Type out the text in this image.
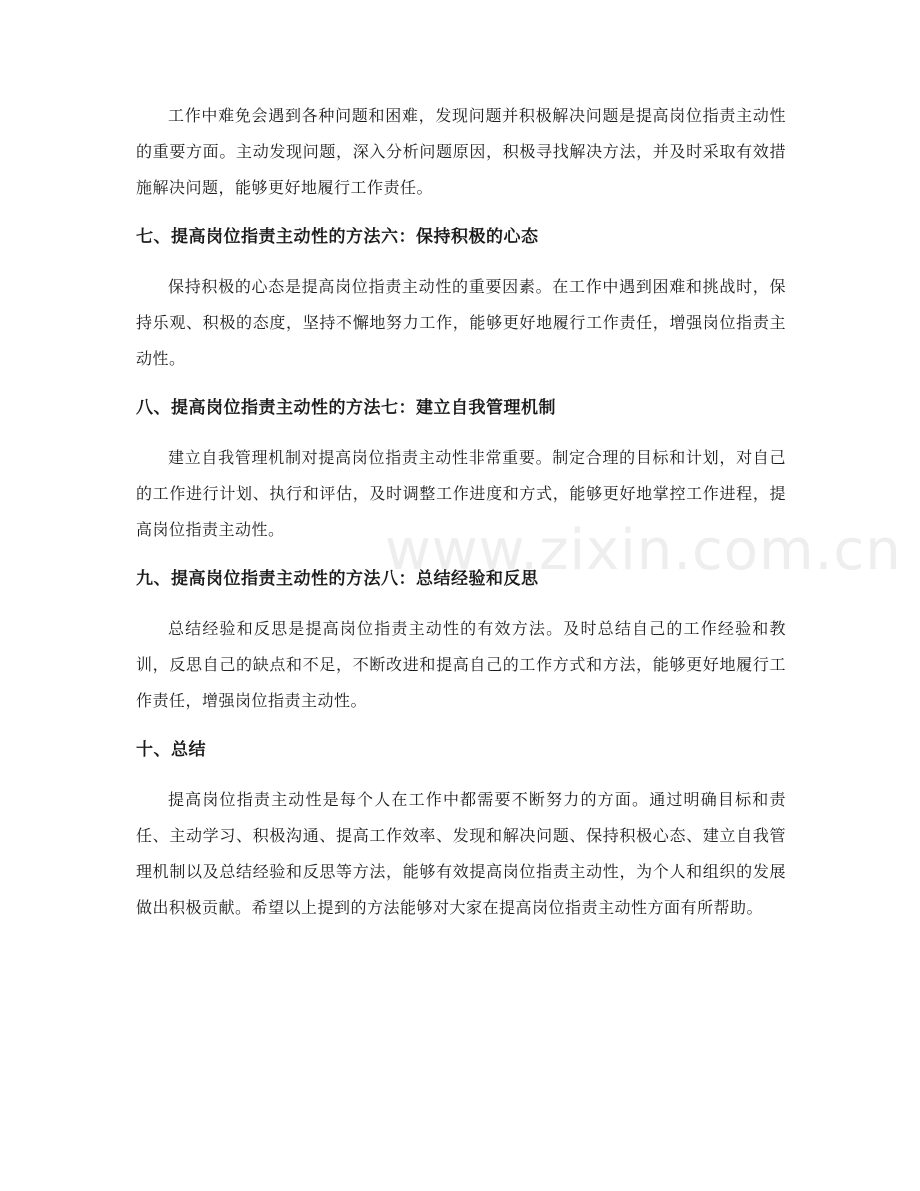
工作中难免会遇到各种问题和困难，发现问题并积极解决问题是提高岗位指责主动性的重要方面。主动发现问题，深入分析问题原因，积极寻找解决方法，并及时采取有效措施解决问题，能够更好地履行工作责任。

七、提高岗位指责主动性的方法六：保持积极的心态

保持积极的心态是提高岗位指责主动性的重要因素。在工作中遇到困难和挑战时，保持乐观、积极的态度，坚持不懈地努力工作，能够更好地履行工作责任，增强岗位指责主动性。

八、提高岗位指责主动性的方法七：建立自我管理机制

建立自我管理机制对提高岗位指责主动性非常重要。制定合理的目标和计划，对自己的工作进行计划、执行和评估，及时调整工作进度和方式，能够更好地掌控工作进程，提高岗位指责主动性。

九、提高岗位指责主动性的方法八：总结经验和反思

总结经验和反思是提高岗位指责主动性的有效方法。及时总结自己的工作经验和教训，反思自己的缺点和不足，不断改进和提高自己的工作方式和方法，能够更好地履行工作责任，增强岗位指责主动性。

十、总结

提高岗位指责主动性是每个人在工作中都需要不断努力的方面。通过明确目标和责任、主动学习、积极沟通、提高工作效率、发现和解决问题、保持积极心态、建立自我管理机制以及总结经验和反思等方法，能够有效提高岗位指责主动性，为个人和组织的发展做出积极贡献。希望以上提到的方法能够对大家在提高岗位指责主动性方面有所帮助。

www.zixin.com.cn
